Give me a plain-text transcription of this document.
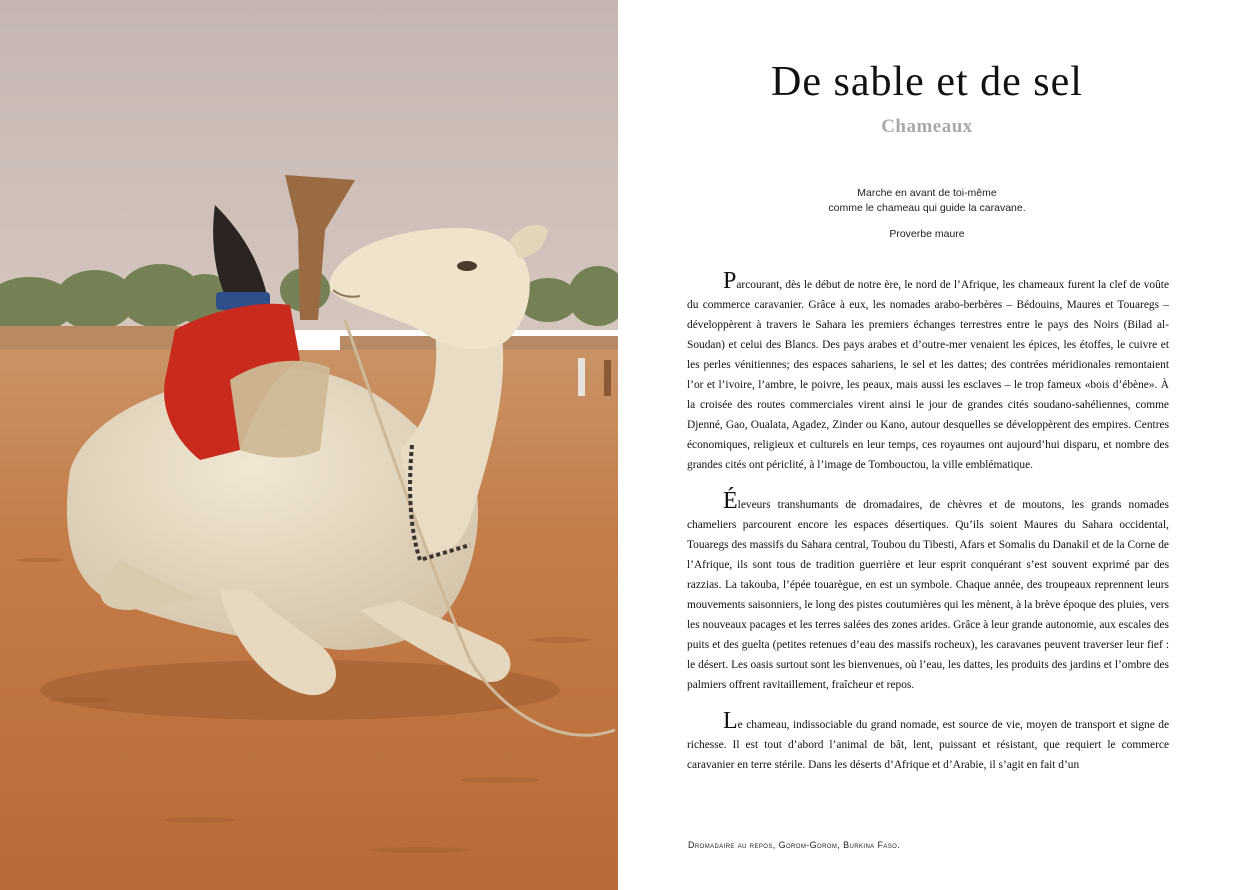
De sable et de sel
Chameaux
Marche en avant de toi-même
comme le chameau qui guide la caravane.
Proverbe maure

Parcourant, dès le début de notre ère, le nord de l’Afrique, les chameaux furent la clef de voûte du commerce caravanier. Grâce à eux, les nomades arabo-berbères – Bédouins, Maures et Touaregs – développèrent à travers le Sahara les premiers échanges terrestres entre le pays des Noirs (Bilad al-Soudan) et celui des Blancs. Des pays arabes et d’outre-mer venaient les épices, les étoffes, le cuivre et les perles vénitiennes; des espaces sahariens, le sel et les dattes; des contrées méridionales remontaient l’or et l’ivoire, l’ambre, le poivre, les peaux, mais aussi les esclaves – le trop fameux «bois d’ébène». À la croisée des routes commerciales virent ainsi le jour de grandes cités soudano-sahéliennes, comme Djenné, Gao, Oualata, Agadez, Zinder ou Kano, autour desquelles se développèrent des empires. Centres économiques, religieux et culturels en leur temps, ces royaumes ont aujourd’hui disparu, et nombre des grandes cités ont périclité, à l’image de Tombouctou, la ville emblématique.

Éleveurs transhumants de dromadaires, de chèvres et de moutons, les grands nomades chameliers parcourent encore les espaces désertiques. Qu’ils soient Maures du Sahara occidental, Touaregs des massifs du Sahara central, Toubou du Tibesti, Afars et Somalis du Danakil et de la Corne de l’Afrique, ils sont tous de tradition guerrière et leur esprit conquérant s’est souvent exprimé par des razzias. La takouba, l’épée touarègue, en est un symbole. Chaque année, des troupeaux reprennent leurs mouvements saisonniers, le long des pistes coutumières qui les mènent, à la brève époque des pluies, vers les nouveaux pacages et les terres salées des zones arides. Grâce à leur grande autonomie, aux escales des puits et des guelta (petites retenues d’eau des massifs rocheux), les caravanes peuvent traverser leur fief : le désert. Les oasis surtout sont les bienvenues, où l’eau, les dattes, les produits des jardins et l’ombre des palmiers offrent ravitaillement, fraîcheur et repos.

Le chameau, indissociable du grand nomade, est source de vie, moyen de transport et signe de richesse. Il est tout d’abord l’animal de bât, lent, puissant et résistant, que requiert le commerce caravanier en terre stérile. Dans les déserts d’Afrique et d’Arabie, il s’agit en fait d’un

Dromadaire au repos, Gorom-Gorom, Burkina Faso.
